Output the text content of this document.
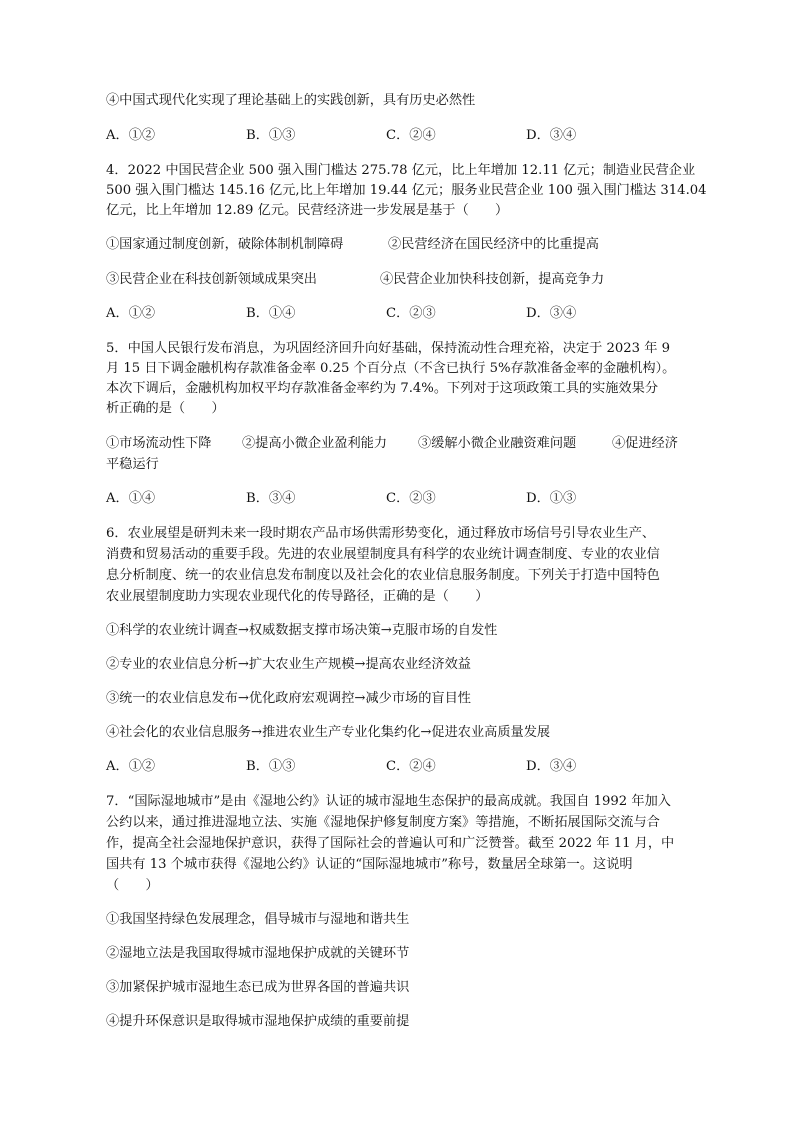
④中国式现代化实现了理论基础上的实践创新，具有历史必然性
A．①②	B．①③	C．②④	D．③④
4．2022 中国民营企业 500 强入围门槛达 275.78 亿元，比上年增加 12.11 亿元；制造业民营企业
500 强入围门槛达 145.16 亿元,比上年增加 19.44 亿元；服务业民营企业 100 强入围门槛达 314.04
亿元，比上年增加 12.89 亿元。民营经济进一步发展是基于（　　）
①国家通过制度创新，破除体制机制障碍	②民营经济在国民经济中的比重提高
③民营企业在科技创新领域成果突出	④民营企业加快科技创新，提高竞争力
A．①②	B．①④	C．②③	D．③④
5．中国人民银行发布消息，为巩固经济回升向好基础，保持流动性合理充裕，决定于 2023 年 9
月 15 日下调金融机构存款准备金率 0.25 个百分点（不含已执行 5%存款准备金率的金融机构）。
本次下调后，金融机构加权平均存款准备金率约为 7.4%。下列对于这项政策工具的实施效果分
析正确的是（　　）
①市场流动性下降 ②提高小微企业盈利能力 ③缓解小微企业融资难问题	④促进经济
平稳运行
A．①④	B．③④	C．②③	D．①③
6．农业展望是研判未来一段时期农产品市场供需形势变化，通过释放市场信号引导农业生产、
消费和贸易活动的重要手段。先进的农业展望制度具有科学的农业统计调查制度、专业的农业信
息分析制度、统一的农业信息发布制度以及社会化的农业信息服务制度。下列关于打造中国特色
农业展望制度助力实现农业现代化的传导路径，正确的是（　　）
①科学的农业统计调查→权威数据支撑市场决策→克服市场的自发性
②专业的农业信息分析→扩大农业生产规模→提高农业经济效益
③统一的农业信息发布→优化政府宏观调控→减少市场的盲目性
④社会化的农业信息服务→推进农业生产专业化集约化→促进农业高质量发展
A．①②	B．①③	C．②④	D．③④
7．“国际湿地城市”是由《湿地公约》认证的城市湿地生态保护的最高成就。我国自 1992 年加入
公约以来，通过推进湿地立法、实施《湿地保护修复制度方案》等措施，不断拓展国际交流与合
作，提高全社会湿地保护意识，获得了国际社会的普遍认可和广泛赞誉。截至 2022 年 11 月，中
国共有 13 个城市获得《湿地公约》认证的“国际湿地城市”称号，数量居全球第一。这说明
（　　）
①我国坚持绿色发展理念，倡导城市与湿地和谐共生
②湿地立法是我国取得城市湿地保护成就的关键环节
③加紧保护城市湿地生态已成为世界各国的普遍共识
④提升环保意识是取得城市湿地保护成绩的重要前提
